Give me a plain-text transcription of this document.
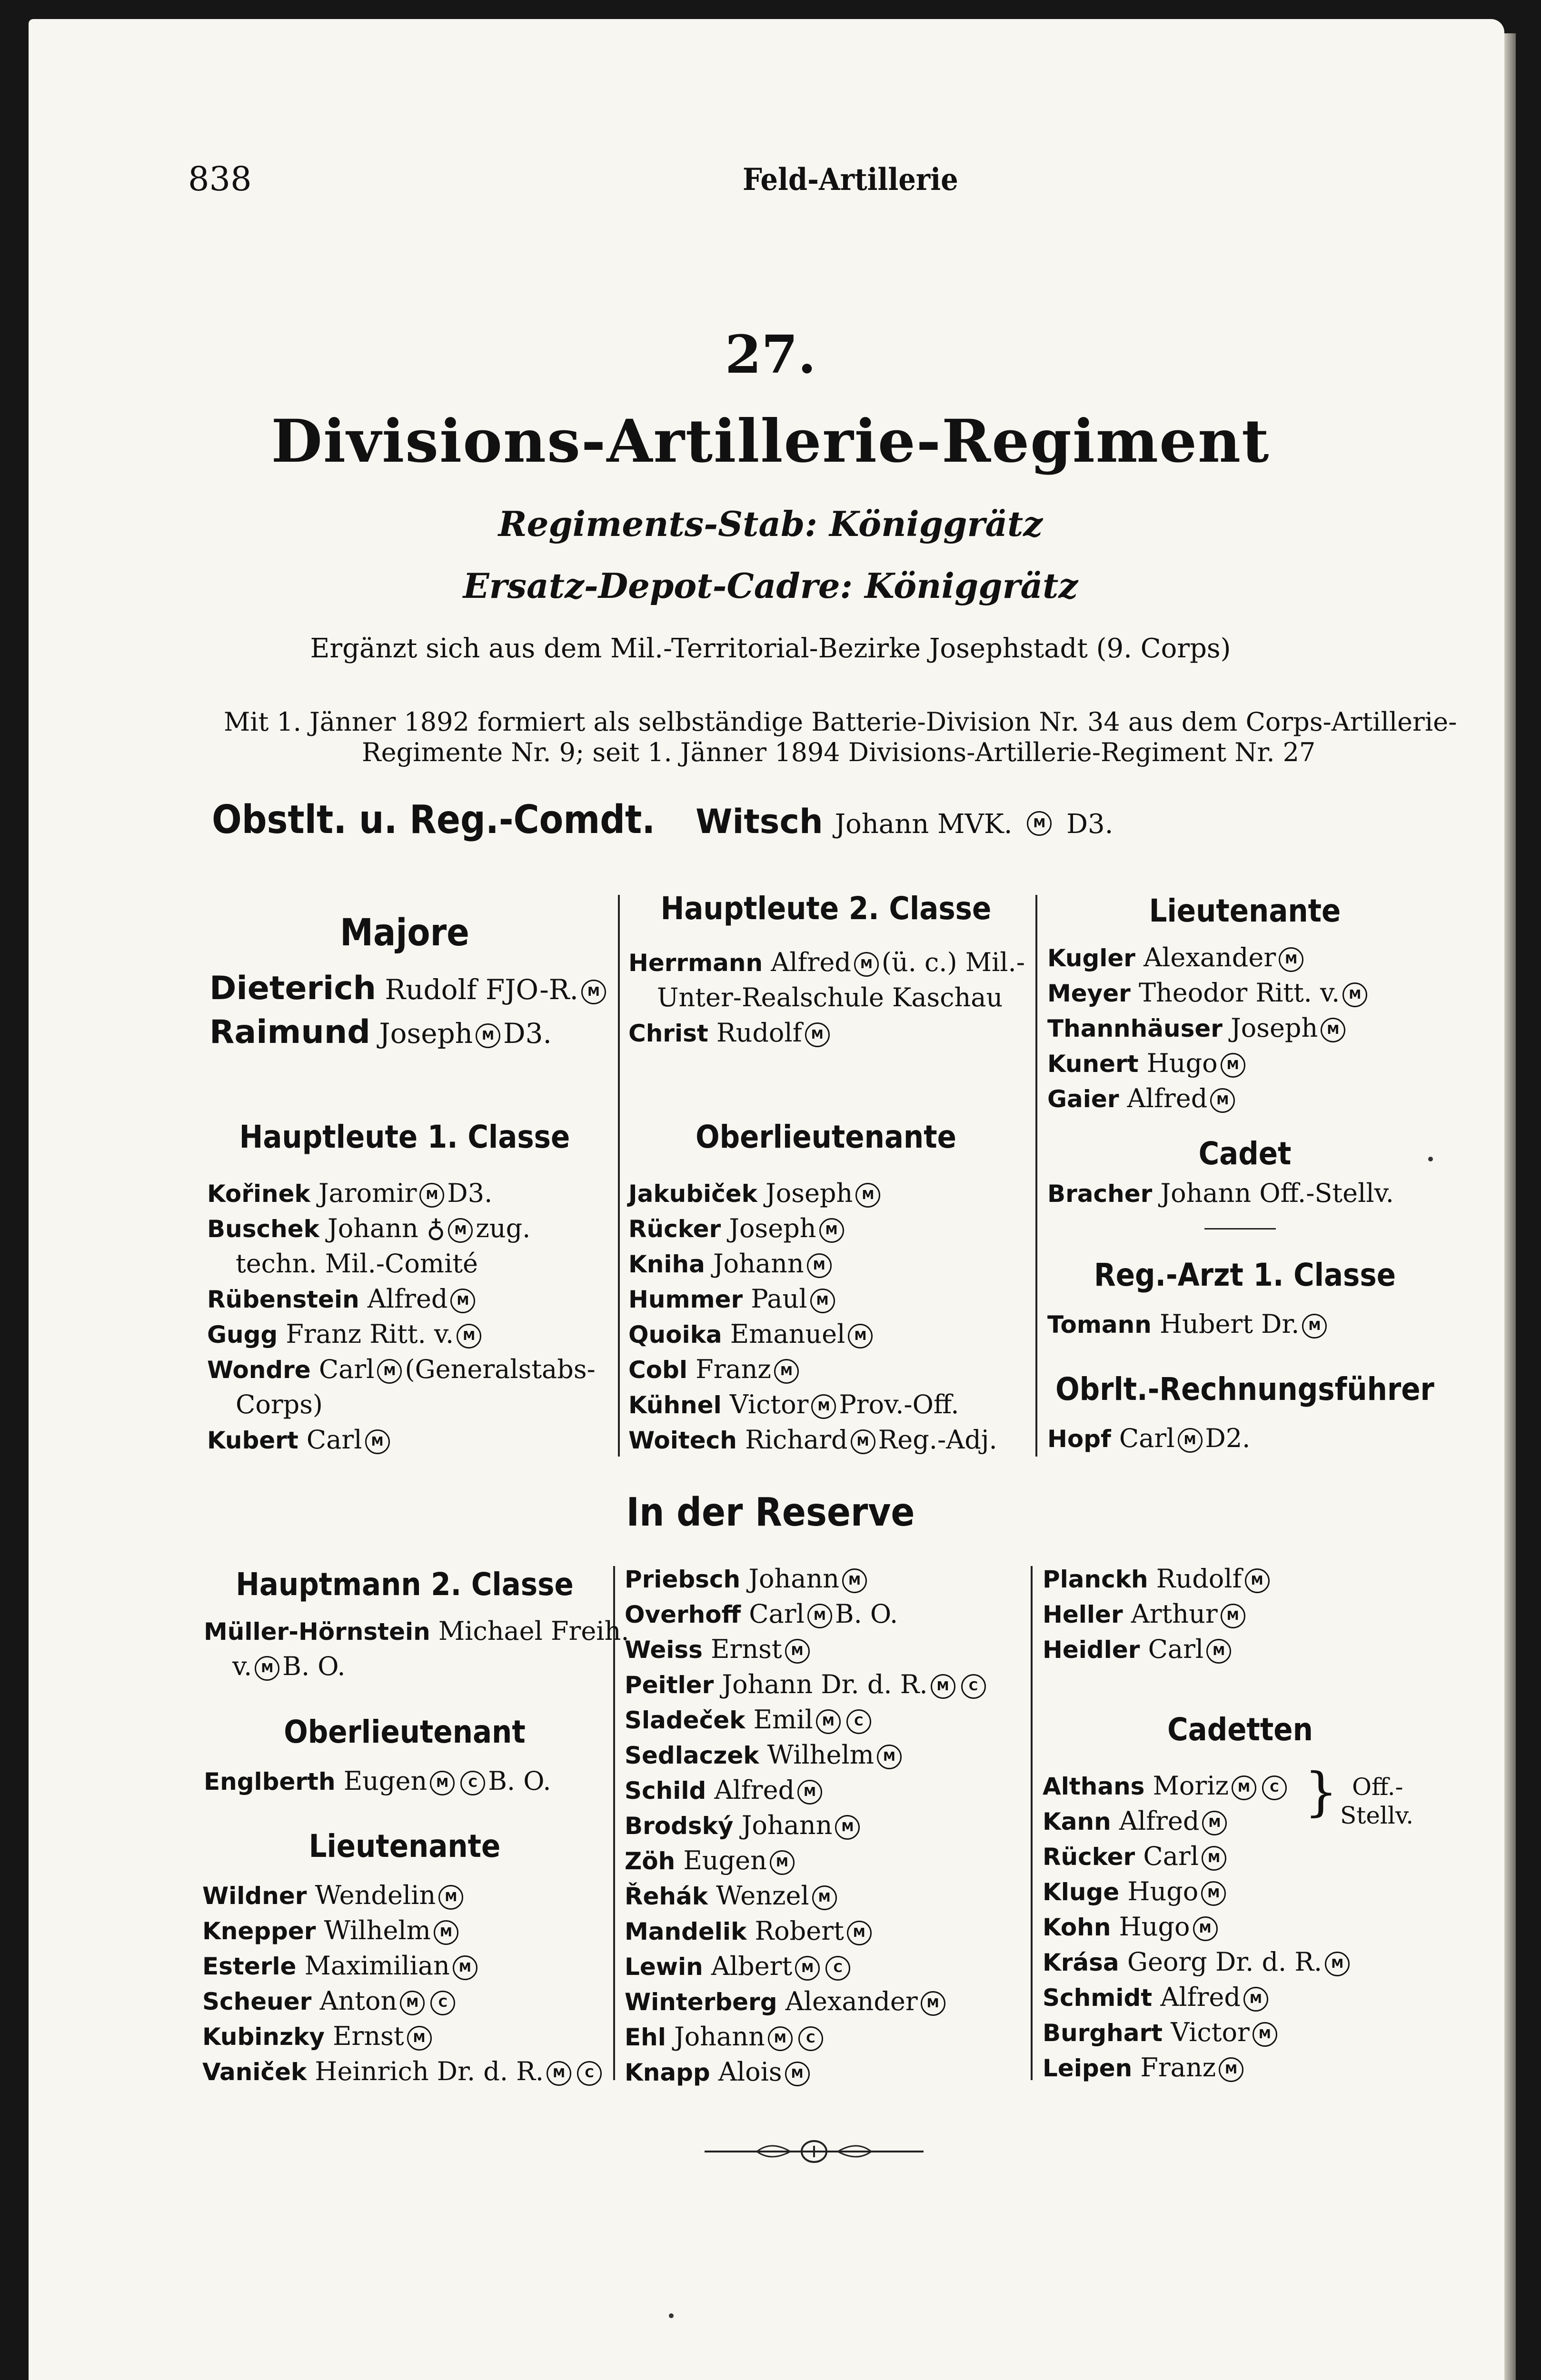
838	Feld-Artillerie
27.
Divisions-Artillerie-Regiment
Regiments-Stab: Königgrätz
Ersatz-Depot-Cadre: Königgrätz
Ergänzt sich aus dem Mil.-Territorial-Bezirke Josephstadt (9. Corps)
Mit 1. Jänner 1892 formiert als selbständige Batterie-Division Nr. 34 aus dem Corps-Artillerie-
Regimente Nr. 9; seit 1. Jänner 1894 Divisions-Artillerie-Regiment Nr. 27
Obstlt. u. Reg.-Comdt. Witsch Johann MVK. M D3.
In der Reserve
} Off.-
Stellv.
Majore
Dieterich Rudolf FJO-R. M
Raimund Joseph M D3.
Hauptleute 1. Classe
Kořinek Jaromir M D3.
Buschek Johann ♁ M zug.
techn. Mil.-Comité
Rübenstein Alfred M
Gugg Franz Ritt. v. M
Wondre Carl M (Generalstabs-
Corps)
Kubert Carl M
Hauptleute 2. Classe
Herrmann Alfred M (ü. c.) Mil.-
Unter-Realschule Kaschau
Christ Rudolf M
Oberlieutenante
Jakubiček Joseph M
Rücker Joseph M
Kniha Johann M
Hummer Paul M
Quoika Emanuel M
Cobl Franz M
Kühnel Victor M Prov.-Off.
Woitech Richard M Reg.-Adj.
Lieutenante
Kugler Alexander M
Meyer Theodor Ritt. v. M
Thannhäuser Joseph M
Kunert Hugo M
Gaier Alfred M
Cadet
Bracher Johann Off.-Stellv.
Reg.-Arzt 1. Classe
Tomann Hubert Dr. M
Obrlt.-Rechnungsführer
Hopf Carl M D2.
Hauptmann 2. Classe
Müller-Hörnstein Michael Freih.
v. M B. O.
Oberlieutenant
Englberth Eugen M C B. O.
Lieutenante
Wildner Wendelin M
Knepper Wilhelm M
Esterle Maximilian M
Scheuer Anton M C
Kubinzky Ernst M
Vaniček Heinrich Dr. d. R. M C
Priebsch Johann M
Overhoff Carl M B. O.
Weiss Ernst M
Peitler Johann Dr. d. R. M C
Sladeček Emil M C
Sedlaczek Wilhelm M
Schild Alfred M
Brodský Johann M
Zöh Eugen M
Řehák Wenzel M
Mandelik Robert M
Lewin Albert M C
Winterberg Alexander M
Ehl Johann M C
Knapp Alois M
Planckh Rudolf M
Heller Arthur M
Heidler Carl M
Cadetten
Althans Moriz M C
Kann Alfred M
Rücker Carl M
Kluge Hugo M
Kohn Hugo M
Krása Georg Dr. d. R. M
Schmidt Alfred M
Burghart Victor M
Leipen Franz M
